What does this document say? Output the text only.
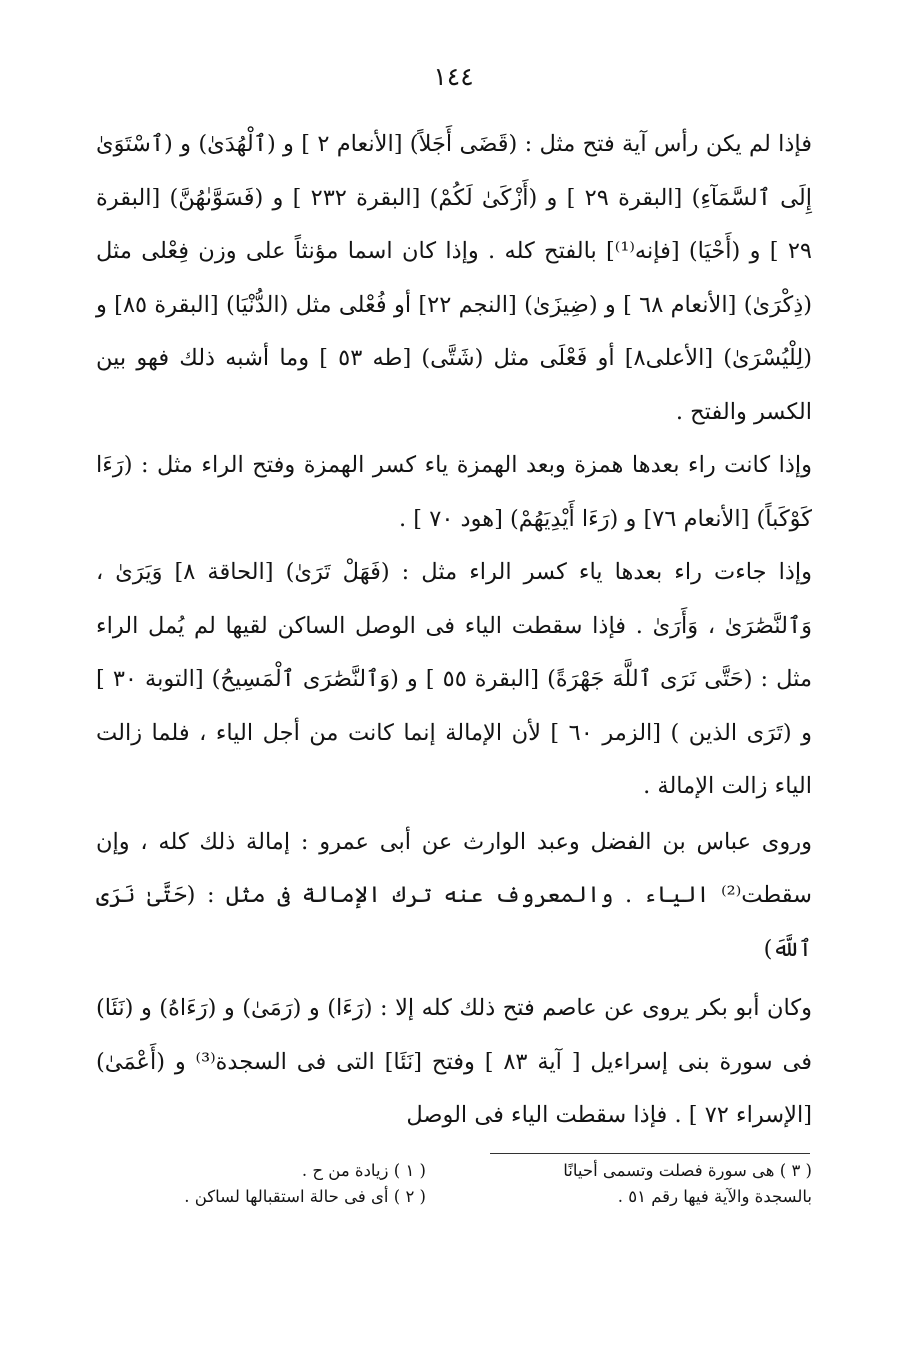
١٤٤

فإذا لم يكن رأس آية فتح مثل : (قَضَى أَجَلاً) [الأنعام ٢ ] و (ٱلْهُدَىٰ) و (ٱسْتَوَىٰ إِلَى ٱلسَّمَآءِ) [البقرة ٢٩ ] و (أَزْكَىٰ لَكُمْ) [البقرة ٢٣٢ ] و (فَسَوَّىٰهُنَّ) [البقرة ٢٩ ] و (أَحْيَا) [فإنه⁽¹⁾] بالفتح كله . وإذا كان اسما مؤنثاً على وزن فِعْلى مثل (ذِكْرَىٰ) [الأنعام ٦٨ ] و (ضِيزَىٰ) [النجم ٢٢] أو فُعْلى مثل (الدُّنْيَا) [البقرة ٨٥] و (لِلْيُسْرَىٰ) [الأعلى٨] أو فَعْلَى مثل (شَتَّى) [طه ٥٣ ] وما أشبه ذلك فهو بين الكسر والفتح .

وإذا كانت راء بعدها همزة وبعد الهمزة ياء كسر الهمزة وفتح الراء مثل : (رَءَا كَوْكَباً) [الأنعام ٧٦] و (رَءَا أَيْدِيَهُمْ) [هود ٧٠ ] .

وإذا جاءت راء بعدها ياء كسر الراء مثل : (فَهَلْ تَرَىٰ) [الحاقة ٨] وَيَرَىٰ ، وَٱلنَّصَٰرَىٰ ، وَأَرَىٰ . فإذا سقطت الياء فى الوصل الساكن لقيها لم يُمل الراء مثل : (حَتَّى نَرَى ٱللَّهَ جَهْرَةً) [البقرة ٥٥ ] و (وَٱلنَّصَٰرَى ٱلْمَسِيحُ) [التوبة ٣٠ ] و (تَرَى الذين ) [الزمر ٦٠ ] لأن الإمالة إنما كانت من أجل الياء ، فلما زالت الياء زالت الإمالة .

وروى عباس بن الفضل وعبد الوارث عن أبى عمرو : إمالة ذلك كله ، وإن سقطت⁽²⁾ الياء . والمعروف عنه ترك الإمالة فى مثل : (حَتَّىٰ نَرَى ٱللَّهَ)

وكان أبو بكر يروى عن عاصم فتح ذلك كله إلا : (رَءَا) و (رَمَىٰ) و (رَءَاهُ) و (نَئَا) فى سورة بنى إسراءيل [ آية ٨٣ ] وفتح [نَئَا] التى فى السجدة⁽³⁾ و (أَعْمَىٰ) [الإسراء ٧٢ ] . فإذا سقطت الياء فى الوصل

( ١ ) زيادة من ح .
( ٢ ) أى فى حالة استقبالها لساكن .
( ٣ ) هى سورة فصلت وتسمى أحيانًا
بالسجدة والآية فيها رقم ٥١ .
